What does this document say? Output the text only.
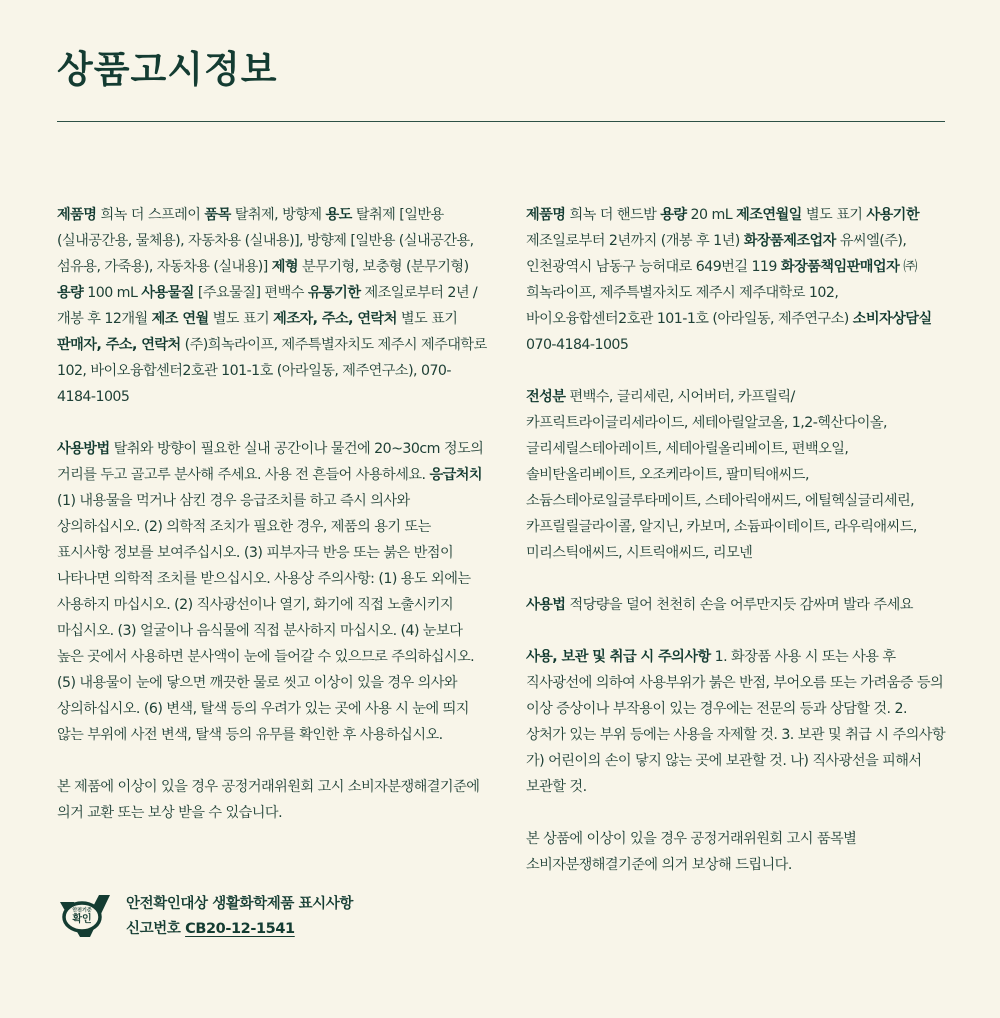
상품고시정보

제품명 희녹 더 스프레이 품목 탈취제, 방향제 용도 탈취제 [일반용 (실내공간용, 물체용), 자동차용 (실내용)], 방향제 [일반용 (실내공간용, 섬유용, 가죽용), 자동차용 (실내용)] 제형 분무기형, 보충형 (분무기형) 용량 100 mL 사용물질 [주요물질] 편백수 유통기한 제조일로부터 2년 / 개봉 후 12개월 제조 연월 별도 표기 제조자, 주소, 연락처 별도 표기 판매자, 주소, 연락처 (주)희녹라이프, 제주특별자치도 제주시 제주대학로 102, 바이오융합센터2호관 101-1호 (아라일동, 제주연구소), 070-4184-1005

사용방법 탈취와 방향이 필요한 실내 공간이나 물건에 20~30cm 정도의 거리를 두고 골고루 분사해 주세요. 사용 전 흔들어 사용하세요. 응급처치 (1) 내용물을 먹거나 삼킨 경우 응급조치를 하고 즉시 의사와 상의하십시오. (2) 의학적 조치가 필요한 경우, 제품의 용기 또는 표시사항 정보를 보여주십시오. (3) 피부자극 반응 또는 붉은 반점이 나타나면 의학적 조치를 받으십시오. 사용상 주의사항: (1) 용도 외에는 사용하지 마십시오. (2) 직사광선이나 열기, 화기에 직접 노출시키지 마십시오. (3) 얼굴이나 음식물에 직접 분사하지 마십시오. (4) 눈보다 높은 곳에서 사용하면 분사액이 눈에 들어갈 수 있으므로 주의하십시오. (5) 내용물이 눈에 닿으면 깨끗한 물로 씻고 이상이 있을 경우 의사와 상의하십시오. (6) 변색, 탈색 등의 우려가 있는 곳에 사용 시 눈에 띄지 않는 부위에 사전 변색, 탈색 등의 유무를 확인한 후 사용하십시오.

본 제품에 이상이 있을 경우 공정거래위원회 고시 소비자분쟁해결기준에 의거 교환 또는 보상 받을 수 있습니다.

제품명 희녹 더 핸드밤 용량 20 mL 제조연월일 별도 표기 사용기한 제조일로부터 2년까지 (개봉 후 1년) 화장품제조업자 유씨엘(주), 인천광역시 남동구 능허대로 649번길 119 화장품책임판매업자 ㈜희녹라이프, 제주특별자치도 제주시 제주대학로 102, 바이오융합센터2호관 101-1호 (아라일동, 제주연구소) 소비자상담실 070-4184-1005

전성분 편백수, 글리세린, 시어버터, 카프릴릭/카프릭트라이글리세라이드, 세테아릴알코올, 1,2-헥산다이올, 글리세릴스테아레이트, 세테아릴올리베이트, 편백오일, 솔비탄올리베이트, 오조케라이트, 팔미틱애씨드, 소듐스테아로일글루타메이트, 스테아릭애씨드, 에틸헥실글리세린, 카프릴릴글라이콜, 알지닌, 카보머, 소듐파이테이트, 라우릭애씨드, 미리스틱애씨드, 시트릭애씨드, 리모넨

사용법 적당량을 덜어 천천히 손을 어루만지듯 감싸며 발라 주세요

사용, 보관 및 취급 시 주의사항 1. 화장품 사용 시 또는 사용 후 직사광선에 의하여 사용부위가 붉은 반점, 부어오름 또는 가려움증 등의 이상 증상이나 부작용이 있는 경우에는 전문의 등과 상담할 것. 2. 상처가 있는 부위 등에는 사용을 자제할 것. 3. 보관 및 취급 시 주의사항 가) 어린이의 손이 닿지 않는 곳에 보관할 것. 나) 직사광선을 피해서 보관할 것.

본 상품에 이상이 있을 경우 공정거래위원회 고시 품목별 소비자분쟁해결기준에 의거 보상해 드립니다.

안전기준
확인
안전확인대상 생활화학제품 표시사항
신고번호 CB20-12-1541
